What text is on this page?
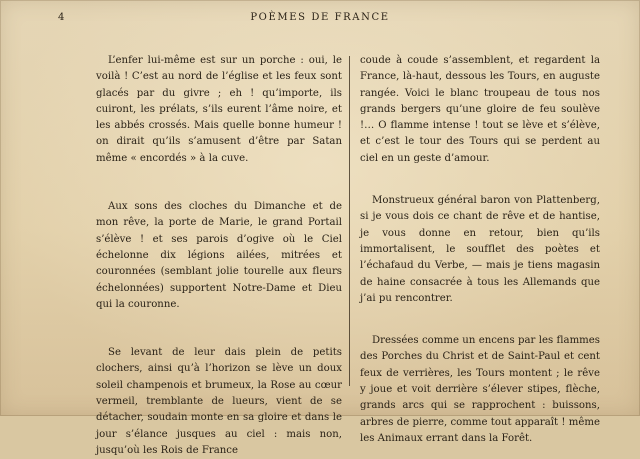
4	POÈMES DE FRANCE

L’enfer lui-même est sur un porche : oui, le voilà ! C’est au nord de l’église et les feux sont glacés par du givre ; eh ! qu’importe, ils cuiront, les prélats, s’ils eurent l’âme noire, et les abbés crossés. Mais quelle bonne humeur ! on dirait qu’ils s’amusent d’être par Satan même « encordés » à la cuve.

Aux sons des cloches du Dimanche et de mon rêve, la porte de Marie, le grand Portail s’élève ! et ses parois d’ogive où le Ciel échelonne dix légions ailées, mitrées et couronnées (semblant jolie tourelle aux fleurs échelonnées) supportent Notre-Dame et Dieu qui la couronne.

Se levant de leur dais plein de petits clochers, ainsi qu’à l’horizon se lève un doux soleil champenois et brumeux, la Rose au cœur vermeil, tremblante de lueurs, vient de se détacher, soudain monte en sa gloire et dans le jour s’élance jusques au ciel : mais non, jusqu’où les Rois de France

coude à coude s’assemblent, et regardent la France, là-haut, dessous les Tours, en auguste rangée. Voici le blanc troupeau de tous nos grands bergers qu’une gloire de feu soulève !… O flamme intense ! tout se lève et s’élève, et c’est le tour des Tours qui se perdent au ciel en un geste d’amour.

Monstrueux général baron von Plattenberg, si je vous dois ce chant de rêve et de hantise, je vous donne en retour, bien qu’ils immortalisent, le soufflet des poètes et l’échafaud du Verbe, — mais je tiens magasin de haine consacrée à tous les Allemands que j’ai pu rencontrer.

Dressées comme un encens par les flammes des Porches du Christ et de Saint-Paul et cent feux de verrières, les Tours montent ; le rêve y joue et voit derrière s’élever stipes, flèche, grands arcs qui se rapprochent : buissons, arbres de pierre, comme tout apparaît ! même les Animaux errant dans la Forêt.
